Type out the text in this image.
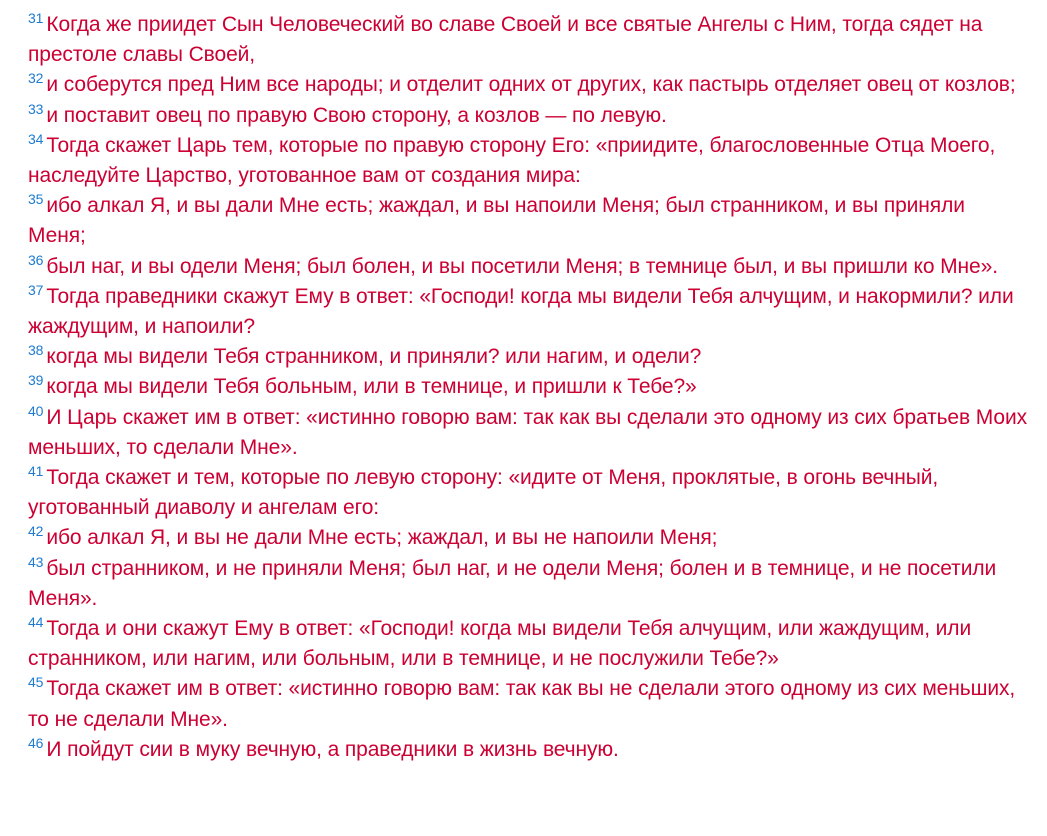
$^{31}$ Когда же приидет Сын Человеческий во славе Своей и все святые Ангелы с Ним, тогда сядет на престоле славы Своей,
$^{32}$ и соберутся пред Ним все народы; и отделит одних от других, как пастырь отделяет овец от козлов;
$^{33}$ и поставит овец по правую Свою сторону, а козлов — по левую.
$^{34}$ Тогда скажет Царь тем, которые по правую сторону Его: «приидите, благословенные Отца Моего, наследуйте Царство, уготованное вам от создания мира:
$^{35}$ ибо алкал Я, и вы дали Мне есть; жаждал, и вы напоили Меня; был странником, и вы приняли Меня;
$^{36}$ был наг, и вы одели Меня; был болен, и вы посетили Меня; в темнице был, и вы пришли ко Мне».
$^{37}$ Тогда праведники скажут Ему в ответ: «Господи! когда мы видели Тебя алчущим, и накормили? или жаждущим, и напоили?
$^{38}$ когда мы видели Тебя странником, и приняли? или нагим, и одели?
$^{39}$ когда мы видели Тебя больным, или в темнице, и пришли к Тебе?»
$^{40}$ И Царь скажет им в ответ: «истинно говорю вам: так как вы сделали это одному из сих братьев Моих меньших, то сделали Мне».
$^{41}$ Тогда скажет и тем, которые по левую сторону: «идите от Меня, проклятые, в огонь вечный, уготованный диаволу и ангелам его:
$^{42}$ ибо алкал Я, и вы не дали Мне есть; жаждал, и вы не напоили Меня;
$^{43}$ был странником, и не приняли Меня; был наг, и не одели Меня; болен и в темнице, и не посетили Меня».
$^{44}$ Тогда и они скажут Ему в ответ: «Господи! когда мы видели Тебя алчущим, или жаждущим, или странником, или нагим, или больным, или в темнице, и не послужили Тебе?»
$^{45}$ Тогда скажет им в ответ: «истинно говорю вам: так как вы не сделали этого одному из сих меньших, то не сделали Мне».
$^{46}$ И пойдут сии в муку вечную, а праведники в жизнь вечную.
